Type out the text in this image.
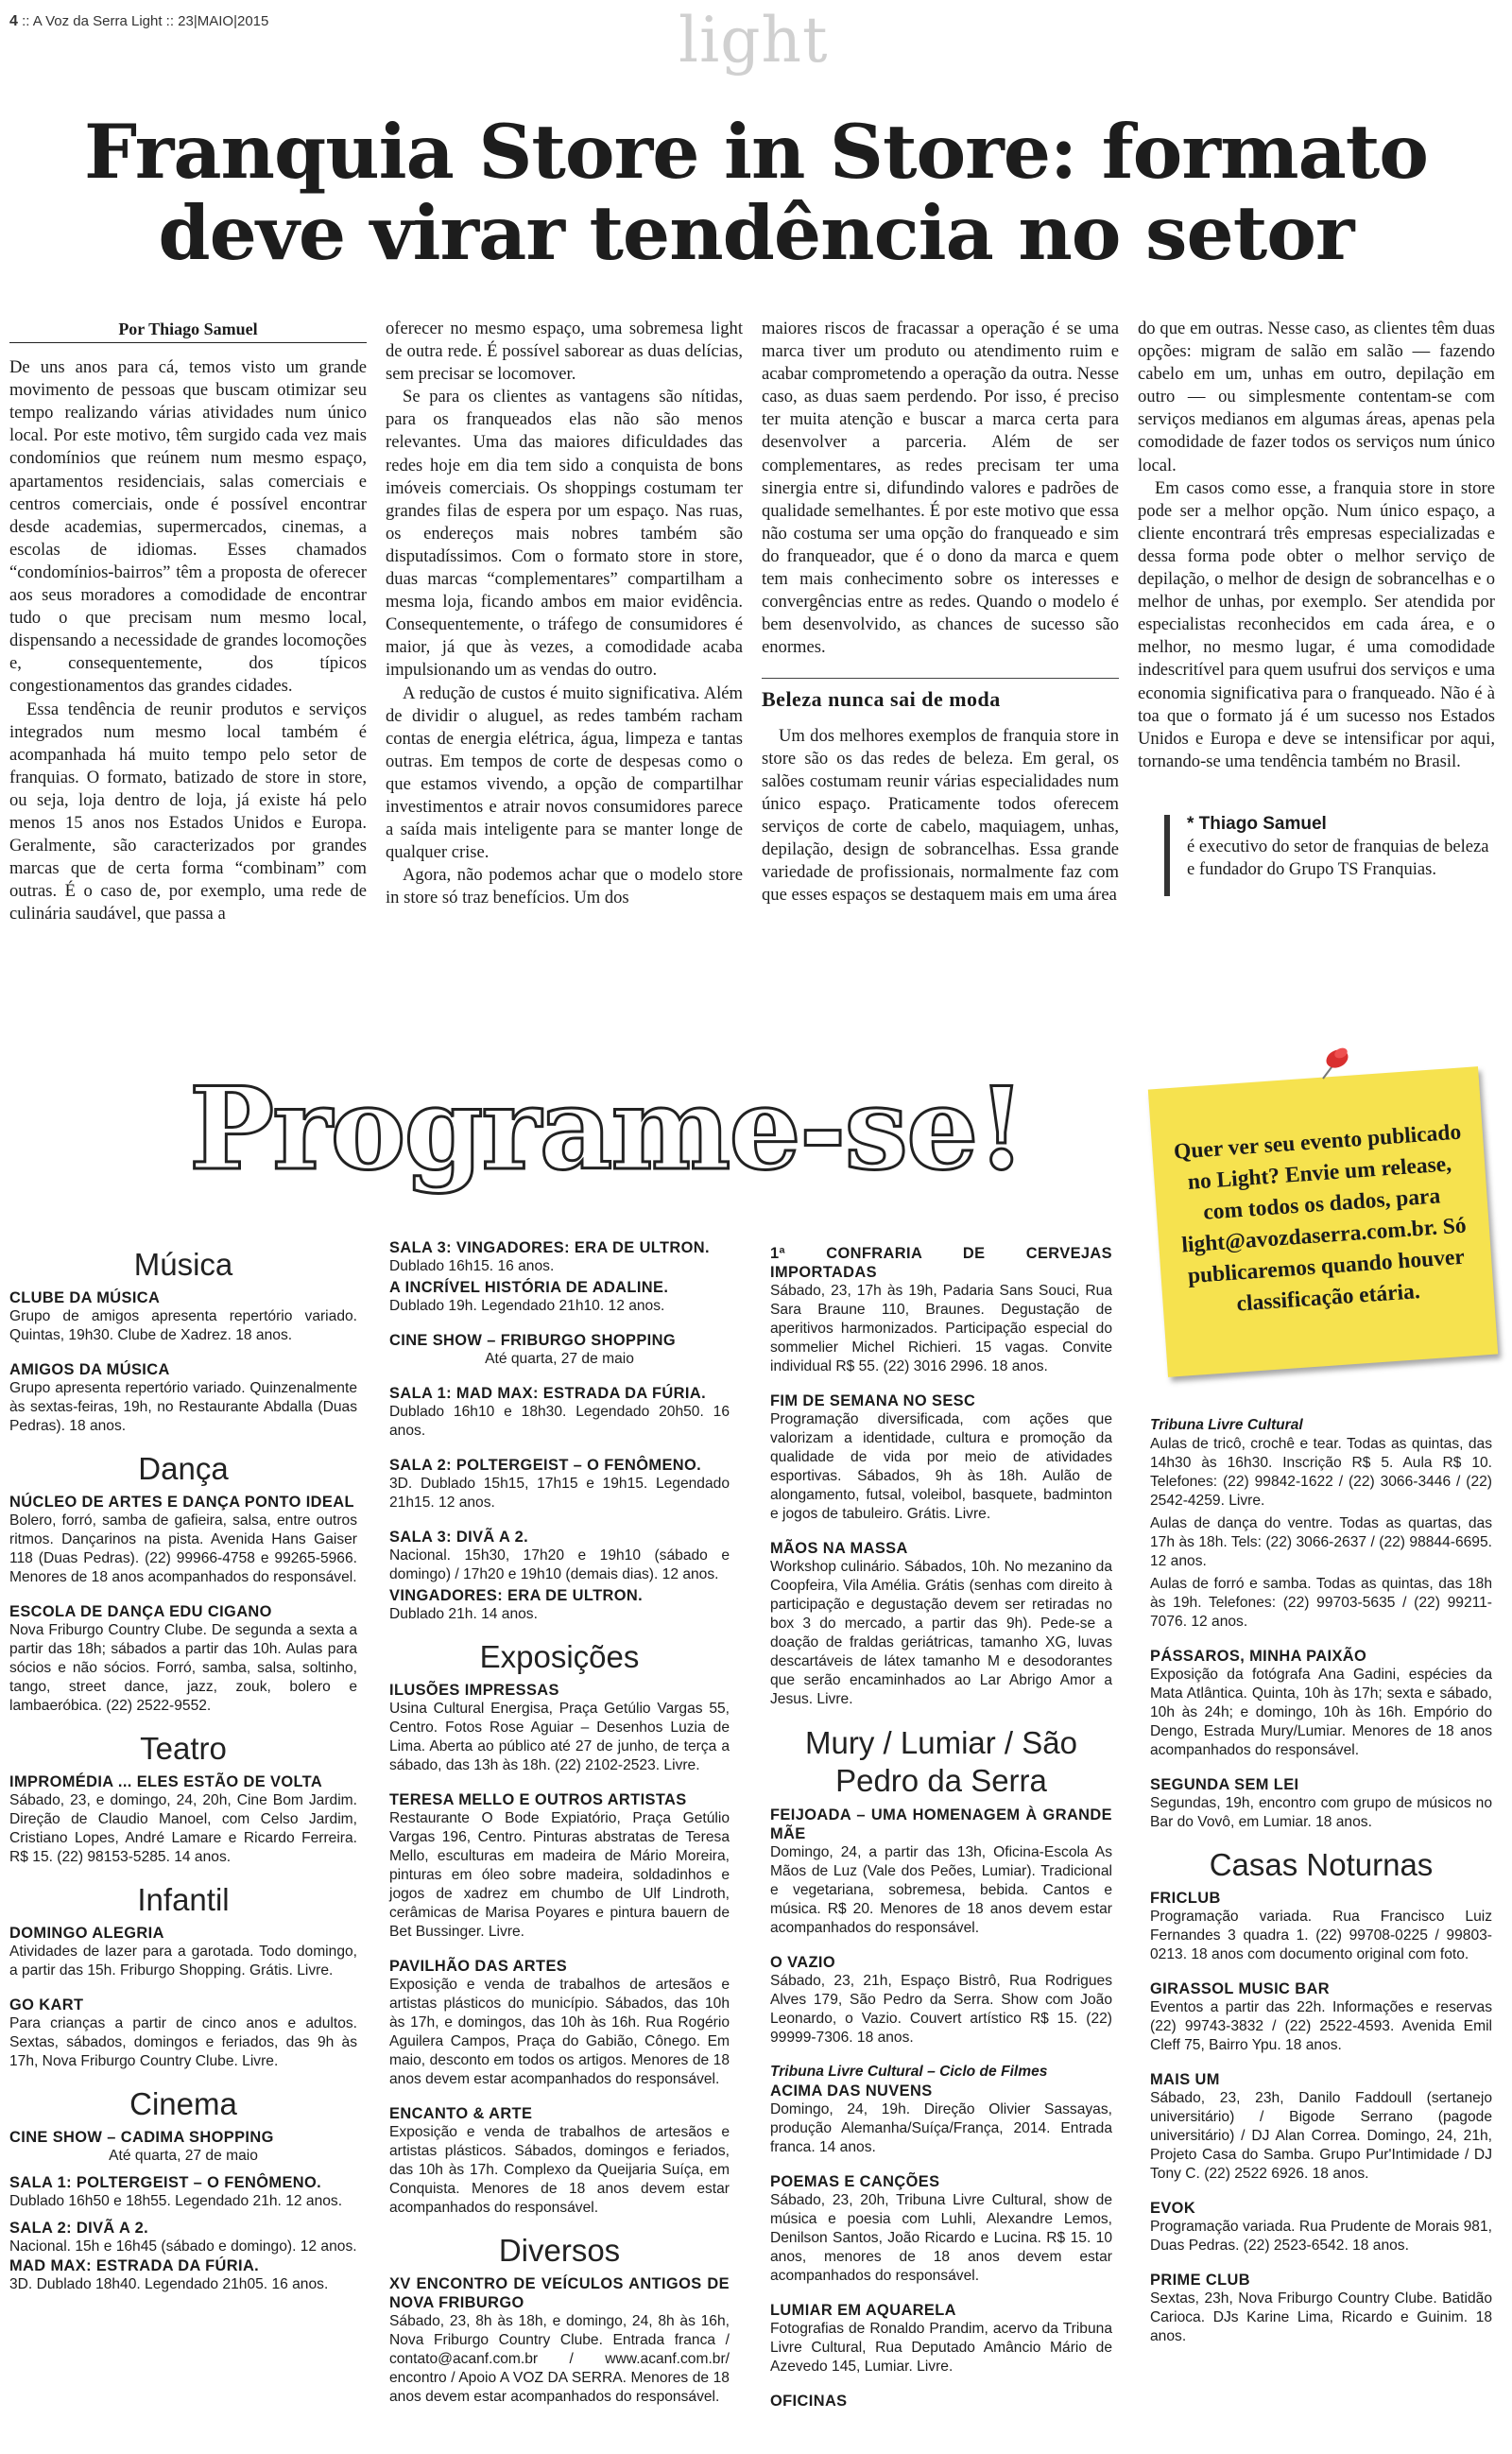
4 :: A Voz da Serra Light :: 23|MAIO|2015	light
Franquia Store in Store: formato deve virar tendência no setor
Por Thiago Samuel

De uns anos para cá, temos visto um grande movimento de pessoas que buscam otimizar seu tempo realizando várias atividades num único local. Por este motivo, têm surgido cada vez mais condomínios que reúnem num mesmo espaço, apartamentos residenciais, salas comerciais e centros comerciais, onde é possível encontrar desde academias, supermercados, cinemas, a escolas de idiomas. Esses chamados “condomínios-bairros” têm a proposta de oferecer aos seus moradores a comodidade de encontrar tudo o que precisam num mesmo local, dispensando a necessidade de grandes locomoções e, consequentemente, dos típicos congestionamentos das grandes cidades.

Essa tendência de reunir produtos e serviços integrados num mesmo local também é acompanhada há muito tempo pelo setor de franquias. O formato, batizado de store in store, ou seja, loja dentro de loja, já existe há pelo menos 15 anos nos Estados Unidos e Europa. Geralmente, são caracterizados por grandes marcas que de certa forma “combinam” com outras. É o caso de, por exemplo, uma rede de culinária saudável, que passa a

oferecer no mesmo espaço, uma sobremesa light de outra rede. É possível saborear as duas delícias, sem precisar se locomover.

Se para os clientes as vantagens são nítidas, para os franqueados elas não são menos relevantes. Uma das maiores dificuldades das redes hoje em dia tem sido a conquista de bons imóveis comerciais. Os shoppings costumam ter grandes filas de espera por um espaço. Nas ruas, os endereços mais nobres também são disputadíssimos. Com o formato store in store, duas marcas “complementares” compartilham a mesma loja, ficando ambos em maior evidência. Consequentemente, o tráfego de consumidores é maior, já que às vezes, a comodidade acaba impulsionando um as vendas do outro.

A redução de custos é muito significativa. Além de dividir o aluguel, as redes também racham contas de energia elétrica, água, limpeza e tantas outras. Em tempos de corte de despesas como o que estamos vivendo, a opção de compartilhar investimentos e atrair novos consumidores parece a saída mais inteligente para se manter longe de qualquer crise.

Agora, não podemos achar que o modelo store in store só traz benefícios. Um dos

maiores riscos de fracassar a operação é se uma marca tiver um produto ou atendimento ruim e acabar comprometendo a operação da outra. Nesse caso, as duas saem perdendo. Por isso, é preciso ter muita atenção e buscar a marca certa para desenvolver a parceria. Além de ser complementares, as redes precisam ter uma sinergia entre si, difundindo valores e padrões de qualidade semelhantes. É por este motivo que essa não costuma ser uma opção do franqueado e sim do franqueador, que é o dono da marca e quem tem mais conhecimento sobre os interesses e convergências entre as redes. Quando o modelo é bem desenvolvido, as chances de sucesso são enormes.

Beleza nunca sai de moda

Um dos melhores exemplos de franquia store in store são os das redes de beleza. Em geral, os salões costumam reunir várias especialidades num único espaço. Praticamente todos oferecem serviços de corte de cabelo, maquiagem, unhas, depilação, design de sobrancelhas. Essa grande variedade de profissionais, normalmente faz com que esses espaços se destaquem mais em uma área

do que em outras. Nesse caso, as clientes têm duas opções: migram de salão em salão — fazendo cabelo em um, unhas em outro, depilação em outro — ou simplesmente contentam-se com serviços medianos em algumas áreas, apenas pela comodidade de fazer todos os serviços num único local.

Em casos como esse, a franquia store in store pode ser a melhor opção. Num único espaço, a cliente encontrará três empresas especializadas e dessa forma pode obter o melhor serviço de depilação, o melhor de design de sobrancelhas e o melhor de unhas, por exemplo. Ser atendida por especialistas reconhecidos em cada área, e o melhor, no mesmo lugar, é uma comodidade indescritível para quem usufrui dos serviços e uma economia significativa para o franqueado. Não é à toa que o formato já é um sucesso nos Estados Unidos e Europa e deve se intensificar por aqui, tornando-se uma tendência também no Brasil.

* Thiago Samuel

é executivo do setor de franquias de beleza e fundador do Grupo TS Franquias.

Programe-se!	Quer ver seu evento publicado no Light? Envie um release, com todos os dados, para light@avozdaserra.com.br. Só publicaremos quando houver classificação etária.
Música
CLUBE DA MÚSICA
Grupo de amigos apresenta repertório variado. Quintas, 19h30. Clube de Xadrez. 18 anos.
AMIGOS DA MÚSICA
Grupo apresenta repertório variado. Quinzenalmente às sextas-feiras, 19h, no Restaurante Abdalla (Duas Pedras). 18 anos.
Dança
NÚCLEO DE ARTES E DANÇA PONTO IDEAL
Bolero, forró, samba de gafieira, salsa, entre outros ritmos. Dançarinos na pista. Avenida Hans Gaiser 118 (Duas Pedras). (22) 99966-4758 e 99265-5966. Menores de 18 anos acompanhados do responsável.
ESCOLA DE DANÇA EDU CIGANO
Nova Friburgo Country Clube. De segunda a sexta a partir das 18h; sábados a partir das 10h. Aulas para sócios e não sócios. Forró, samba, salsa, soltinho, tango, street dance, jazz, zouk, bolero e lambaeróbica. (22) 2522-9552.
Teatro
IMPROMÉDIA ... ELES ESTÃO DE VOLTA
Sábado, 23, e domingo, 24, 20h, Cine Bom Jardim. Direção de Claudio Manoel, com Celso Jardim, Cristiano Lopes, André Lamare e Ricardo Ferreira. R$ 15. (22) 98153-5285. 14 anos.
Infantil
DOMINGO ALEGRIA
Atividades de lazer para a garotada. Todo domingo, a partir das 15h. Friburgo Shopping. Grátis. Livre.
GO KART
Para crianças a partir de cinco anos e adultos. Sextas, sábados, domingos e feriados, das 9h às 17h, Nova Friburgo Country Clube. Livre.
Cinema
CINE SHOW – CADIMA SHOPPING
Até quarta, 27 de maio
SALA 1: POLTERGEIST – O FENÔMENO.
Dublado 16h50 e 18h55. Legendado 21h. 12 anos.
SALA 2: DIVÃ A 2.
Nacional. 15h e 16h45 (sábado e domingo). 12 anos.
MAD MAX: ESTRADA DA FÚRIA.
3D. Dublado 18h40. Legendado 21h05. 16 anos.
SALA 3: VINGADORES: ERA DE ULTRON.
Dublado 16h15. 16 anos.
A INCRÍVEL HISTÓRIA DE ADALINE.
Dublado 19h. Legendado 21h10. 12 anos.
CINE SHOW – FRIBURGO SHOPPING
Até quarta, 27 de maio
SALA 1: MAD MAX: ESTRADA DA FÚRIA.
Dublado 16h10 e 18h30. Legendado 20h50. 16 anos.
SALA 2: POLTERGEIST – O FENÔMENO.
3D. Dublado 15h15, 17h15 e 19h15. Legendado 21h15. 12 anos.
SALA 3: DIVÃ A 2.
Nacional. 15h30, 17h20 e 19h10 (sábado e domingo) / 17h20 e 19h10 (demais dias). 12 anos.
VINGADORES: ERA DE ULTRON.
Dublado 21h. 14 anos.
Exposições
ILUSÕES IMPRESSAS
Usina Cultural Energisa, Praça Getúlio Vargas 55, Centro. Fotos Rose Aguiar – Desenhos Luzia de Lima. Aberta ao público até 27 de junho, de terça a sábado, das 13h às 18h. (22) 2102-2523. Livre.
TERESA MELLO E OUTROS ARTISTAS
Restaurante O Bode Expiatório, Praça Getúlio Vargas 196, Centro. Pinturas abstratas de Teresa Mello, esculturas em madeira de Mário Moreira, pinturas em óleo sobre madeira, soldadinhos e jogos de xadrez em chumbo de Ulf Lindroth, cerâmicas de Marisa Poyares e pintura bauern de Bet Bussinger. Livre.
PAVILHÃO DAS ARTES
Exposição e venda de trabalhos de artesãos e artistas plásticos do município. Sábados, das 10h às 17h, e domingos, das 10h às 16h. Rua Rogério Aguilera Campos, Praça do Gabião, Cônego. Em maio, desconto em todos os artigos. Menores de 18 anos devem estar acompanhados do responsável.
ENCANTO & ARTE
Exposição e venda de trabalhos de artesãos e artistas plásticos. Sábados, domingos e feriados, das 10h às 17h. Complexo da Queijaria Suíça, em Conquista. Menores de 18 anos devem estar acompanhados do responsável.
Diversos
XV ENCONTRO DE VEÍCULOS ANTIGOS DE NOVA FRIBURGO
Sábado, 23, 8h às 18h, e domingo, 24, 8h às 16h, Nova Friburgo Country Clube. Entrada franca / contato@acanf.com.br / www.acanf.com.br/ encontro / Apoio A VOZ DA SERRA. Menores de 18 anos devem estar acompanhados do responsável.
1ª CONFRARIA DE CERVEJAS IMPORTADAS
Sábado, 23, 17h às 19h, Padaria Sans Souci, Rua Sara Braune 110, Braunes. Degustação de aperitivos harmonizados. Participação especial do sommelier Michel Richieri. 15 vagas. Convite individual R$ 55. (22) 3016 2996. 18 anos.
FIM DE SEMANA NO SESC
Programação diversificada, com ações que valorizam a identidade, cultura e promoção da qualidade de vida por meio de atividades esportivas. Sábados, 9h às 18h. Aulão de alongamento, futsal, voleibol, basquete, badminton e jogos de tabuleiro. Grátis. Livre.
MÃOS NA MASSA
Workshop culinário. Sábados, 10h. No mezanino da Coopfeira, Vila Amélia. Grátis (senhas com direito à participação e degustação devem ser retiradas no box 3 do mercado, a partir das 9h). Pede-se a doação de fraldas geriátricas, tamanho XG, luvas descartáveis de látex tamanho M e desodorantes que serão encaminhados ao Lar Abrigo Amor a Jesus. Livre.
Mury / Lumiar / São Pedro da Serra
FEIJOADA – UMA HOMENAGEM À GRANDE MÃE
Domingo, 24, a partir das 13h, Oficina-Escola As Mãos de Luz (Vale dos Peões, Lumiar). Tradicional e vegetariana, sobremesa, bebida. Cantos e música. R$ 20. Menores de 18 anos devem estar acompanhados do responsável.
O VAZIO
Sábado, 23, 21h, Espaço Bistrô, Rua Rodrigues Alves 179, São Pedro da Serra. Show com João Leonardo, o Vazio. Couvert artístico R$ 15. (22) 99999-7306. 18 anos.
Tribuna Livre Cultural – Ciclo de Filmes
ACIMA DAS NUVENS
Domingo, 24, 19h. Direção Olivier Sassayas, produção Alemanha/Suíça/França, 2014. Entrada franca. 14 anos.
POEMAS E CANÇÕES
Sábado, 23, 20h, Tribuna Livre Cultural, show de música e poesia com Luhli, Alexandre Lemos, Denilson Santos, João Ricardo e Lucina. R$ 15. 10 anos, menores de 18 anos devem estar acompanhados do responsável.
LUMIAR EM AQUARELA
Fotografias de Ronaldo Prandim, acervo da Tribuna Livre Cultural, Rua Deputado Amâncio Mário de Azevedo 145, Lumiar. Livre.
OFICINAS
Tribuna Livre Cultural
Aulas de tricô, crochê e tear. Todas as quintas, das 14h30 às 16h30. Inscrição R$ 5. Aula R$ 10. Telefones: (22) 99842-1622 / (22) 3066-3446 / (22) 2542-4259. Livre.
Aulas de dança do ventre. Todas as quartas, das 17h às 18h. Tels: (22) 3066-2637 / (22) 98844-6695. 12 anos.
Aulas de forró e samba. Todas as quintas, das 18h às 19h. Telefones: (22) 99703-5635 / (22) 99211-7076. 12 anos.
PÁSSAROS, MINHA PAIXÃO
Exposição da fotógrafa Ana Gadini, espécies da Mata Atlântica. Quinta, 10h às 17h; sexta e sábado, 10h às 24h; e domingo, 10h às 16h. Empório do Dengo, Estrada Mury/Lumiar. Menores de 18 anos acompanhados do responsável.
SEGUNDA SEM LEI
Segundas, 19h, encontro com grupo de músicos no Bar do Vovô, em Lumiar. 18 anos.
Casas Noturnas
FRICLUB
Programação variada. Rua Francisco Luiz Fernandes 3 quadra 1. (22) 99708-0225 / 99803-0213. 18 anos com documento original com foto.
GIRASSOL MUSIC BAR
Eventos a partir das 22h. Informações e reservas (22) 99743-3832 / (22) 2522-4593. Avenida Emil Cleff 75, Bairro Ypu. 18 anos.
MAIS UM
Sábado, 23, 23h, Danilo Faddoull (sertanejo universitário) / Bigode Serrano (pagode universitário) / DJ Alan Correa. Domingo, 24, 21h, Projeto Casa do Samba. Grupo Pur'Intimidade / DJ Tony C. (22) 2522 6926. 18 anos.
EVOK
Programação variada. Rua Prudente de Morais 981, Duas Pedras. (22) 2523-6542. 18 anos.
PRIME CLUB
Sextas, 23h, Nova Friburgo Country Clube. Batidão Carioca. DJs Karine Lima, Ricardo e Guinim. 18 anos.
